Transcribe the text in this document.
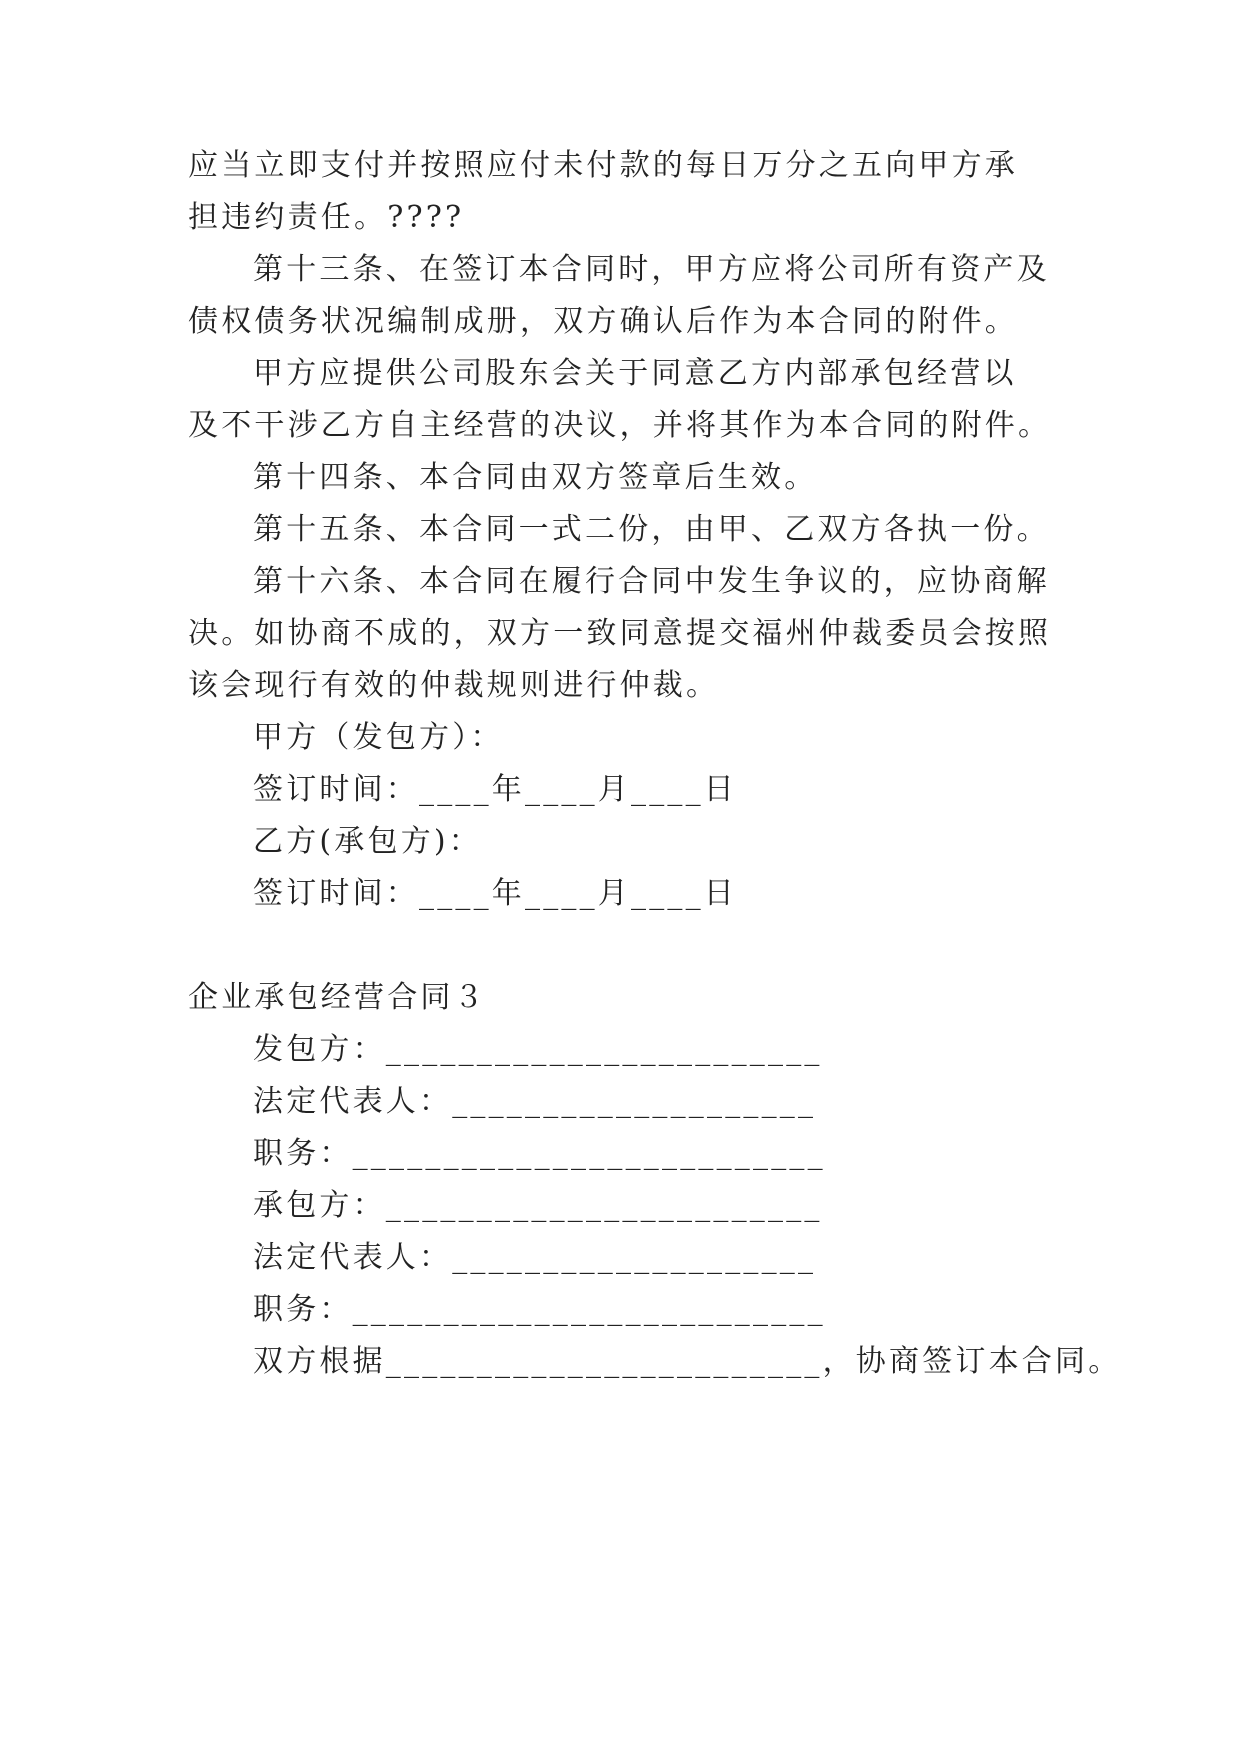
应当立即支付并按照应付未付款的每日万分之五向甲方承
担违约责任。????
第十三条、在签订本合同时，甲方应将公司所有资产及
债权债务状况编制成册，双方确认后作为本合同的附件。
甲方应提供公司股东会关于同意乙方内部承包经营以
及不干涉乙方自主经营的决议，并将其作为本合同的附件。
第十四条、本合同由双方签章后生效。
第十五条、本合同一式二份，由甲、乙双方各执一份。
第十六条、本合同在履行合同中发生争议的，应协商解
决。如协商不成的，双方一致同意提交福州仲裁委员会按照
该会现行有效的仲裁规则进行仲裁。
甲方（发包方）：
签订时间：____年____月____日
乙方(承包方)：
签订时间：____年____月____日
企业承包经营合同３
发包方：________________________
法定代表人：____________________
职务：__________________________
承包方：________________________
法定代表人：____________________
职务：__________________________
双方根据________________________，协商签订本合同。
